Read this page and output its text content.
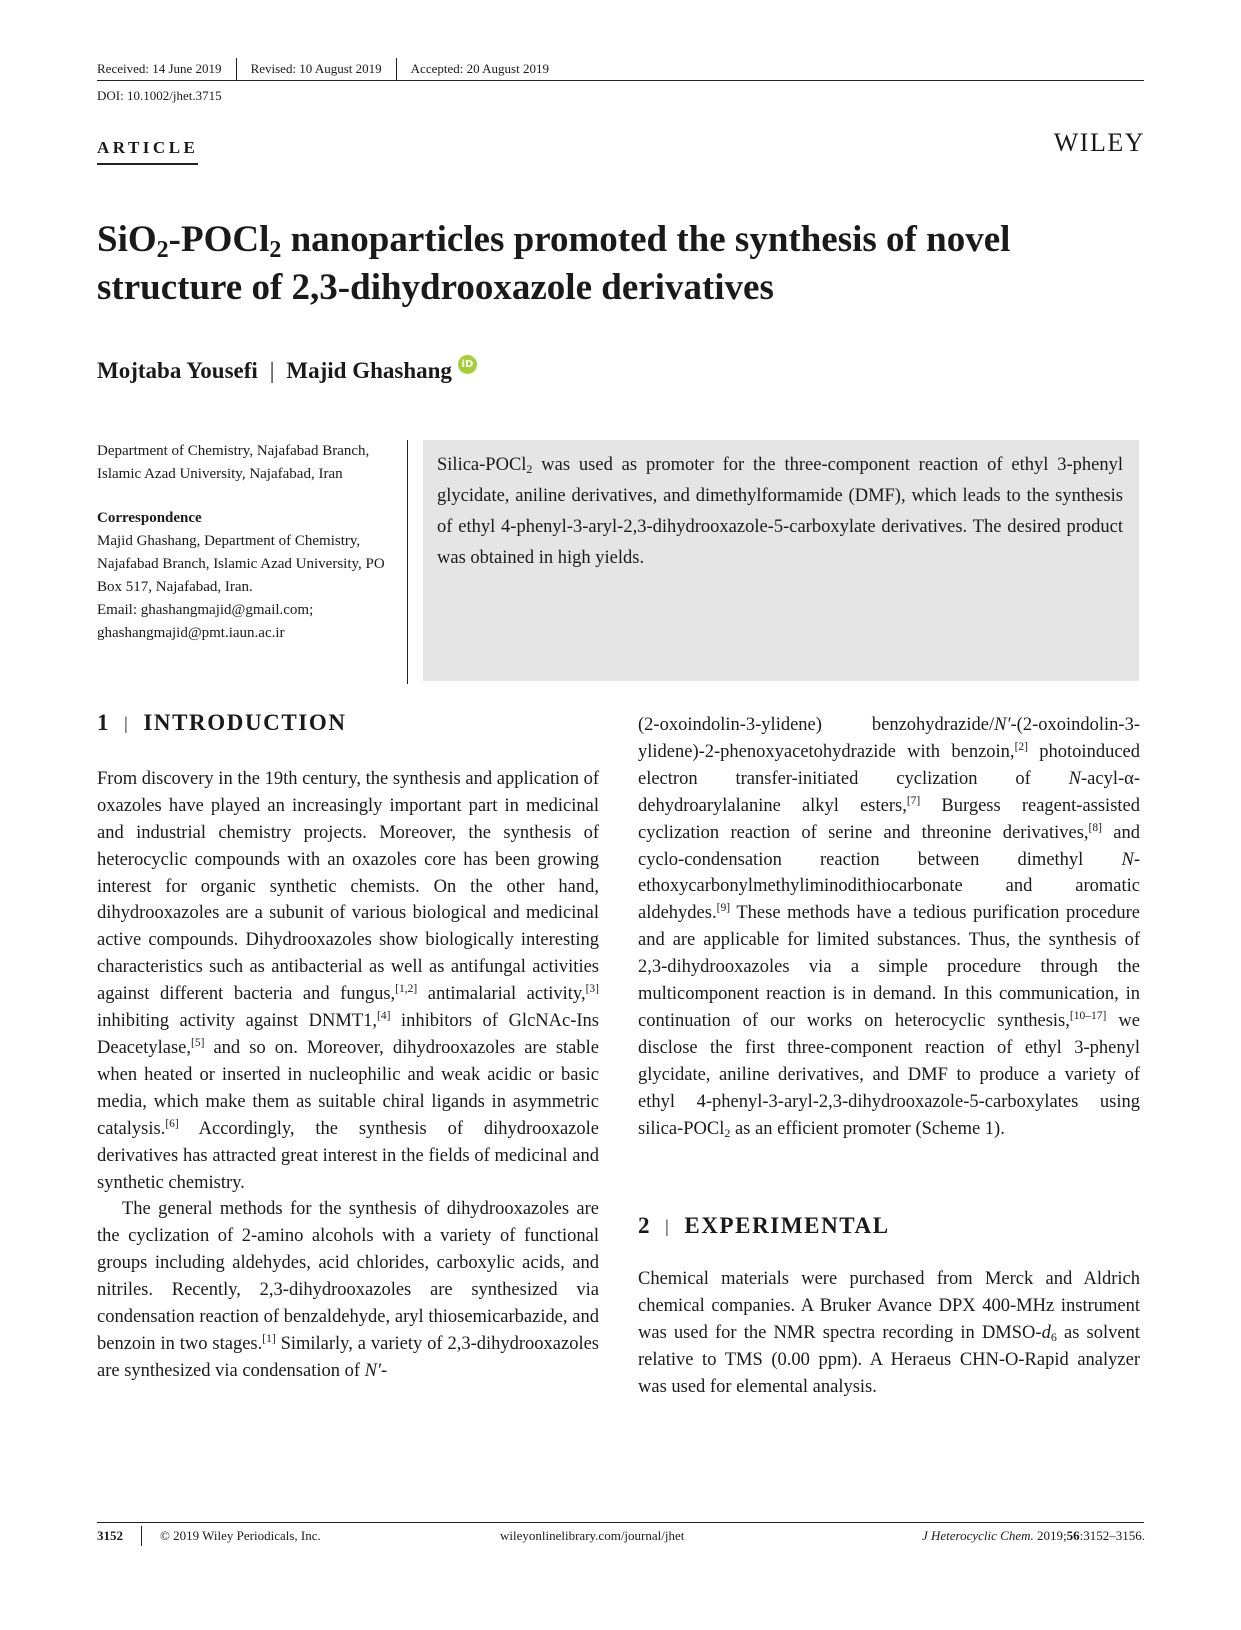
Received: 14 June 2019 Revised: 10 August 2019 Accepted: 20 August 2019
DOI: 10.1002/jhet.3715
ARTICLE	WILEY
SiO$_2$-POCl$_2$ nanoparticles promoted the synthesis of novel structure of 2,3-dihydrooxazole derivatives
Mojtaba Yousefi | Majid Ghashang iD

Department of Chemistry, Najafabad Branch, Islamic Azad University, Najafabad, Iran

Correspondence

Majid Ghashang, Department of Chemistry, Najafabad Branch, Islamic Azad University, PO Box 517, Najafabad, Iran.

Email: ghashangmajid@gmail.com;

ghashangmajid@pmt.iaun.ac.ir

Silica-POCl$_2$ was used as promoter for the three-component reaction of ethyl 3-phenyl glycidate, aniline derivatives, and dimethylformamide (DMF), which leads to the synthesis of ethyl 4-phenyl-3-aryl-2,3-dihydrooxazole-5-carboxylate derivatives. The desired product was obtained in high yields.
1 | INTRODUCTION

From discovery in the 19th century, the synthesis and application of oxazoles have played an increasingly important part in medicinal and industrial chemistry projects. Moreover, the synthesis of heterocyclic compounds with an oxazoles core has been growing interest for organic synthetic chemists. On the other hand, dihydrooxazoles are a subunit of various biological and medicinal active compounds. Dihydrooxazoles show biologically interesting characteristics such as antibacterial as well as antifungal activities against different bacteria and fungus,[1,2] antimalarial activity,[3] inhibiting activity against DNMT1,[4] inhibitors of GlcNAc-Ins Deacetylase,[5] and so on. Moreover, dihydrooxazoles are stable when heated or inserted in nucleophilic and weak acidic or basic media, which make them as suitable chiral ligands in asymmetric catalysis.[6] Accordingly, the synthesis of dihydrooxazole derivatives has attracted great interest in the fields of medicinal and synthetic chemistry.

The general methods for the synthesis of dihydrooxazoles are the cyclization of 2-amino alcohols with a variety of functional groups including aldehydes, acid chlorides, carboxylic acids, and nitriles. Recently, 2,3-dihydrooxazoles are synthesized via condensation reaction of benzaldehyde, aryl thiosemicarbazide, and benzoin in two stages.[1] Similarly, a variety of 2,3-dihydrooxazoles are synthesized via condensation of N′-

(2-oxoindolin-3-ylidene) benzohydrazide/N′-(2-oxoindolin-3-ylidene)-2-phenoxyacetohydrazide with benzoin,[2] photoinduced electron transfer-initiated cyclization of N-acyl-α-dehydroarylalanine alkyl esters,[7] Burgess reagent-assisted cyclization reaction of serine and threonine derivatives,[8] and cyclo-condensation reaction between dimethyl N-ethoxycarbonylmethyliminodithiocarbonate and aromatic aldehydes.[9] These methods have a tedious purification procedure and are applicable for limited substances. Thus, the synthesis of 2,3-dihydrooxazoles via a simple procedure through the multicomponent reaction is in demand. In this communication, in continuation of our works on heterocyclic synthesis,[10–17] we disclose the first three-component reaction of ethyl 3-phenyl glycidate, aniline derivatives, and DMF to produce a variety of ethyl 4-phenyl-3-aryl-2,3-dihydrooxazole-5-carboxylates using silica-POCl$_2$ as an efficient promoter (Scheme 1).

2 | EXPERIMENTAL

Chemical materials were purchased from Merck and Aldrich chemical companies. A Bruker Avance DPX 400-MHz instrument was used for the NMR spectra recording in DMSO-$d_6$ as solvent relative to TMS (0.00 ppm). A Heraeus CHN-O-Rapid analyzer was used for elemental analysis.

3152	© 2019 Wiley Periodicals, Inc.	wileyonlinelibrary.com/journal/jhet	J Heterocyclic Chem. 2019;56:3152–3156.
